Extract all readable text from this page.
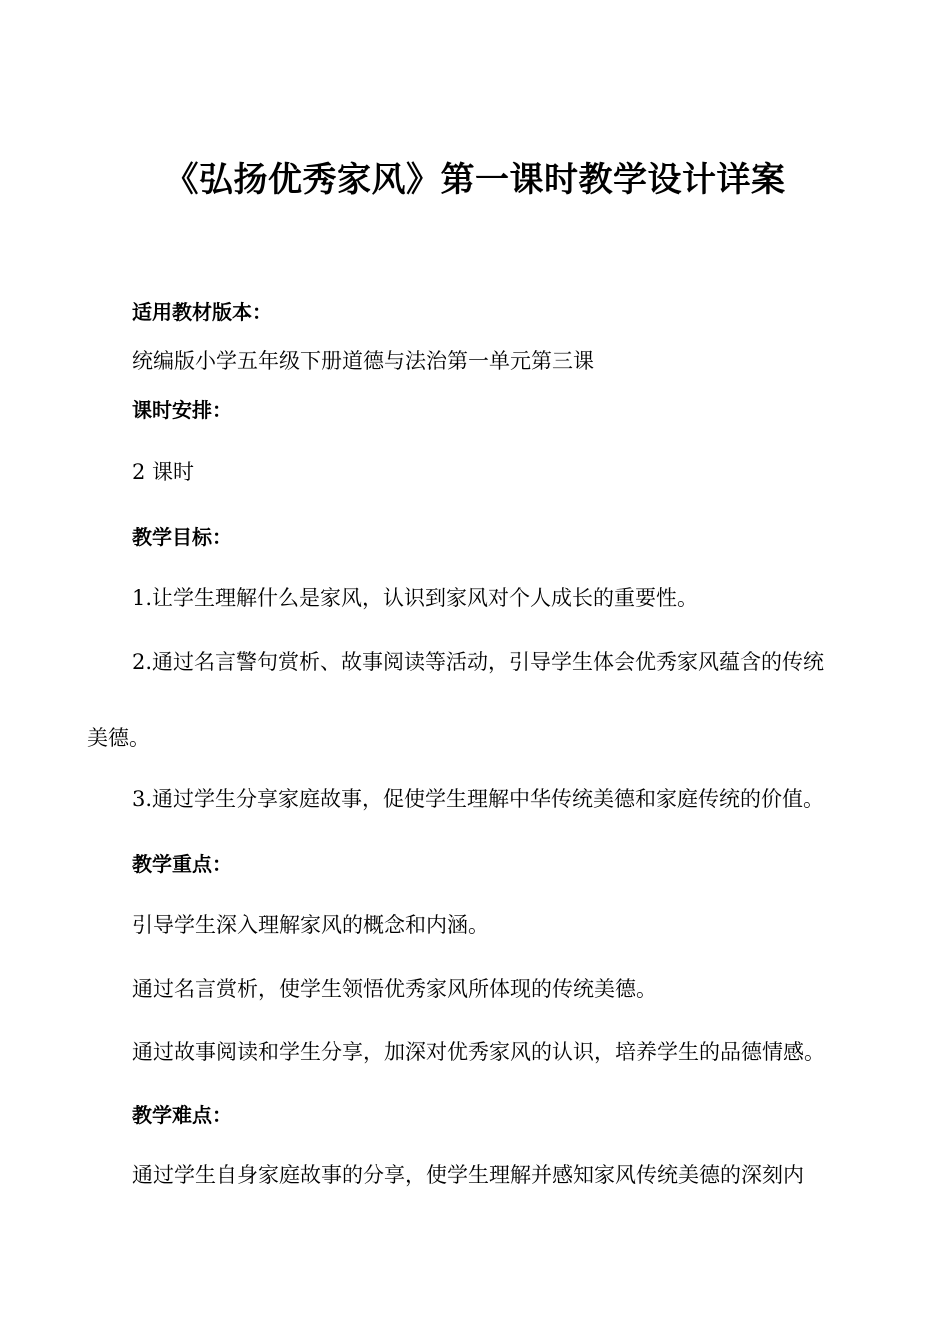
《弘扬优秀家风》第一课时教学设计详案
适用教材版本：
统编版小学五年级下册道德与法治第一单元第三课
课时安排：
2 课时
教学目标：
1.让学生理解什么是家风，认识到家风对个人成长的重要性。
2.通过名言警句赏析、故事阅读等活动，引导学生体会优秀家风蕴含的传统
美德。
3.通过学生分享家庭故事，促使学生理解中华传统美德和家庭传统的价值。
教学重点：
引导学生深入理解家风的概念和内涵。
通过名言赏析，使学生领悟优秀家风所体现的传统美德。
通过故事阅读和学生分享，加深对优秀家风的认识，培养学生的品德情感。
教学难点：
通过学生自身家庭故事的分享，使学生理解并感知家风传统美德的深刻内
